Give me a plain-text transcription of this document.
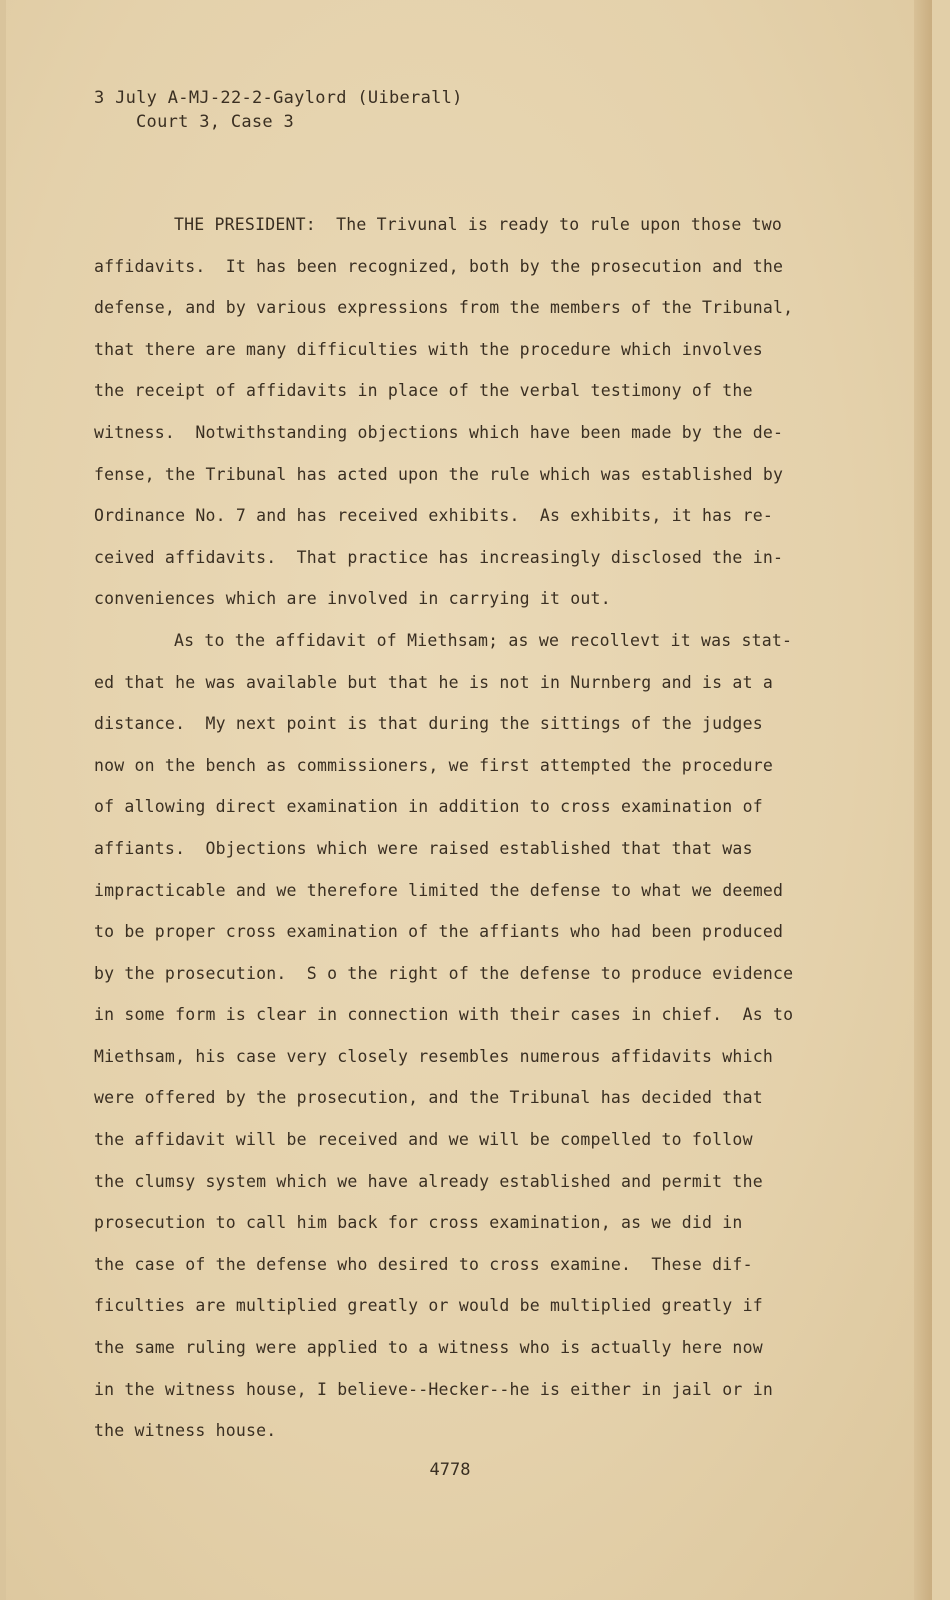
3 July A-MJ-22-2-Gaylord (Uiberall)
Court 3, Case 3
THE PRESIDENT:  The Trivunal is ready to rule upon those two
affidavits.  It has been recognized, both by the prosecution and the
defense, and by various expressions from the members of the Tribunal,
that there are many difficulties with the procedure which involves
the receipt of affidavits in place of the verbal testimony of the
witness.  Notwithstanding objections which have been made by the de-
fense, the Tribunal has acted upon the rule which was established by
Ordinance No. 7 and has received exhibits.  As exhibits, it has re-
ceived affidavits.  That practice has increasingly disclosed the in-
conveniences which are involved in carrying it out.
As to the affidavit of Miethsam; as we recollevt it was stat-
ed that he was available but that he is not in Nurnberg and is at a
distance.  My next point is that during the sittings of the judges
now on the bench as commissioners, we first attempted the procedure
of allowing direct examination in addition to cross examination of
affiants.  Objections which were raised established that that was
impracticable and we therefore limited the defense to what we deemed
to be proper cross examination of the affiants who had been produced
by the prosecution.  S o the right of the defense to produce evidence
in some form is clear in connection with their cases in chief.  As to
Miethsam, his case very closely resembles numerous affidavits which
were offered by the prosecution, and the Tribunal has decided that
the affidavit will be received and we will be compelled to follow
the clumsy system which we have already established and permit the
prosecution to call him back for cross examination, as we did in
the case of the defense who desired to cross examine.  These dif-
ficulties are multiplied greatly or would be multiplied greatly if
the same ruling were applied to a witness who is actually here now
in the witness house, I believe--Hecker--he is either in jail or in
the witness house.
4778
